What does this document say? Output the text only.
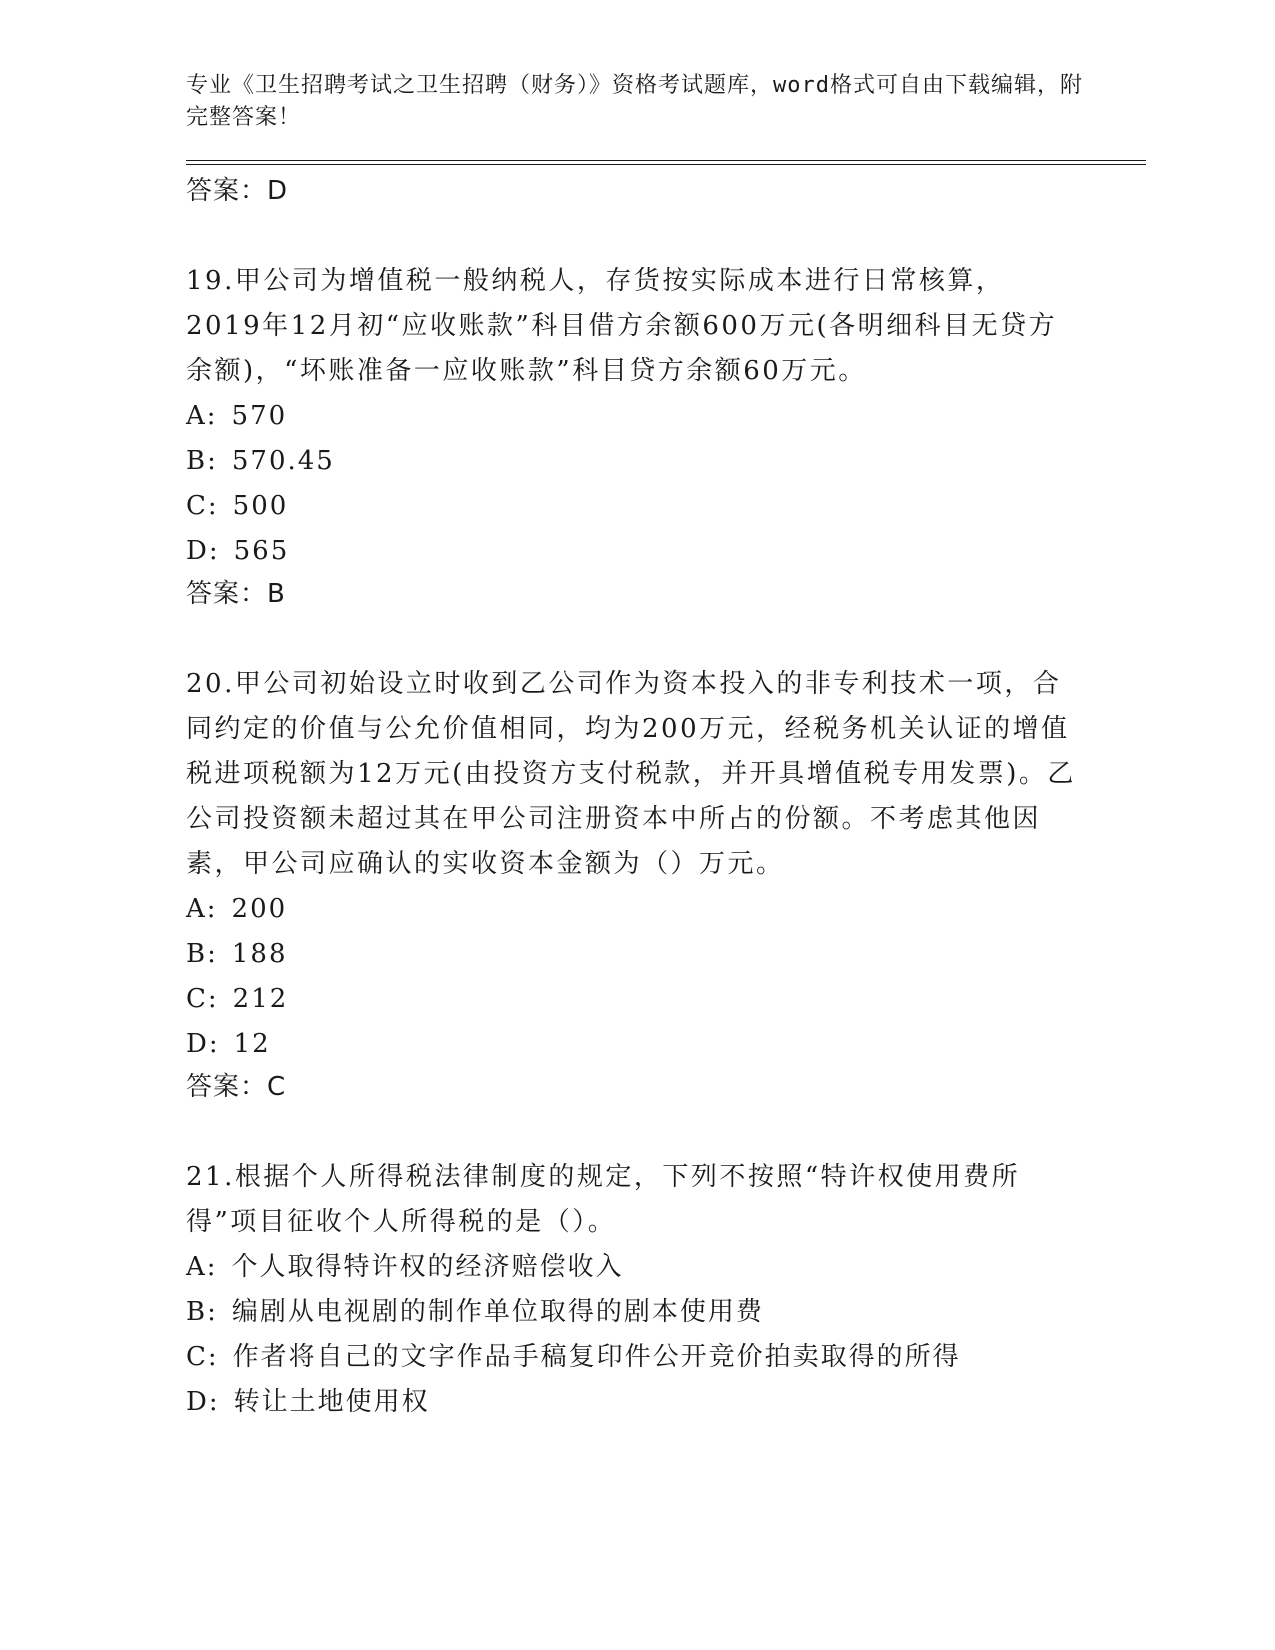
专业《卫生招聘考试之卫生招聘（财务）》资格考试题库，word格式可自由下载编辑，附完整答案！

答案：D

19.甲公司为增值税一般纳税人，存货按实际成本进行日常核算，2019年12月初“应收账款”科目借方余额600万元(各明细科目无贷方余额)，“坏账准备一应收账款”科目贷方余额60万元。

A: 570
B: 570.45
C: 500
D: 565

答案：B

20.甲公司初始设立时收到乙公司作为资本投入的非专利技术一项，合同约定的价值与公允价值相同，均为200万元，经税务机关认证的增值税进项税额为12万元(由投资方支付税款，并开具增值税专用发票)。乙公司投资额未超过其在甲公司注册资本中所占的份额。不考虑其他因素，甲公司应确认的实收资本金额为（）万元。

A: 200
B: 188
C: 212
D: 12

答案：C

21.根据个人所得税法律制度的规定，下列不按照“特许权使用费所得”项目征收个人所得税的是（）。

A: 个人取得特许权的经济赔偿收入
B: 编剧从电视剧的制作单位取得的剧本使用费
C: 作者将自己的文字作品手稿复印件公开竞价拍卖取得的所得
D: 转让土地使用权
